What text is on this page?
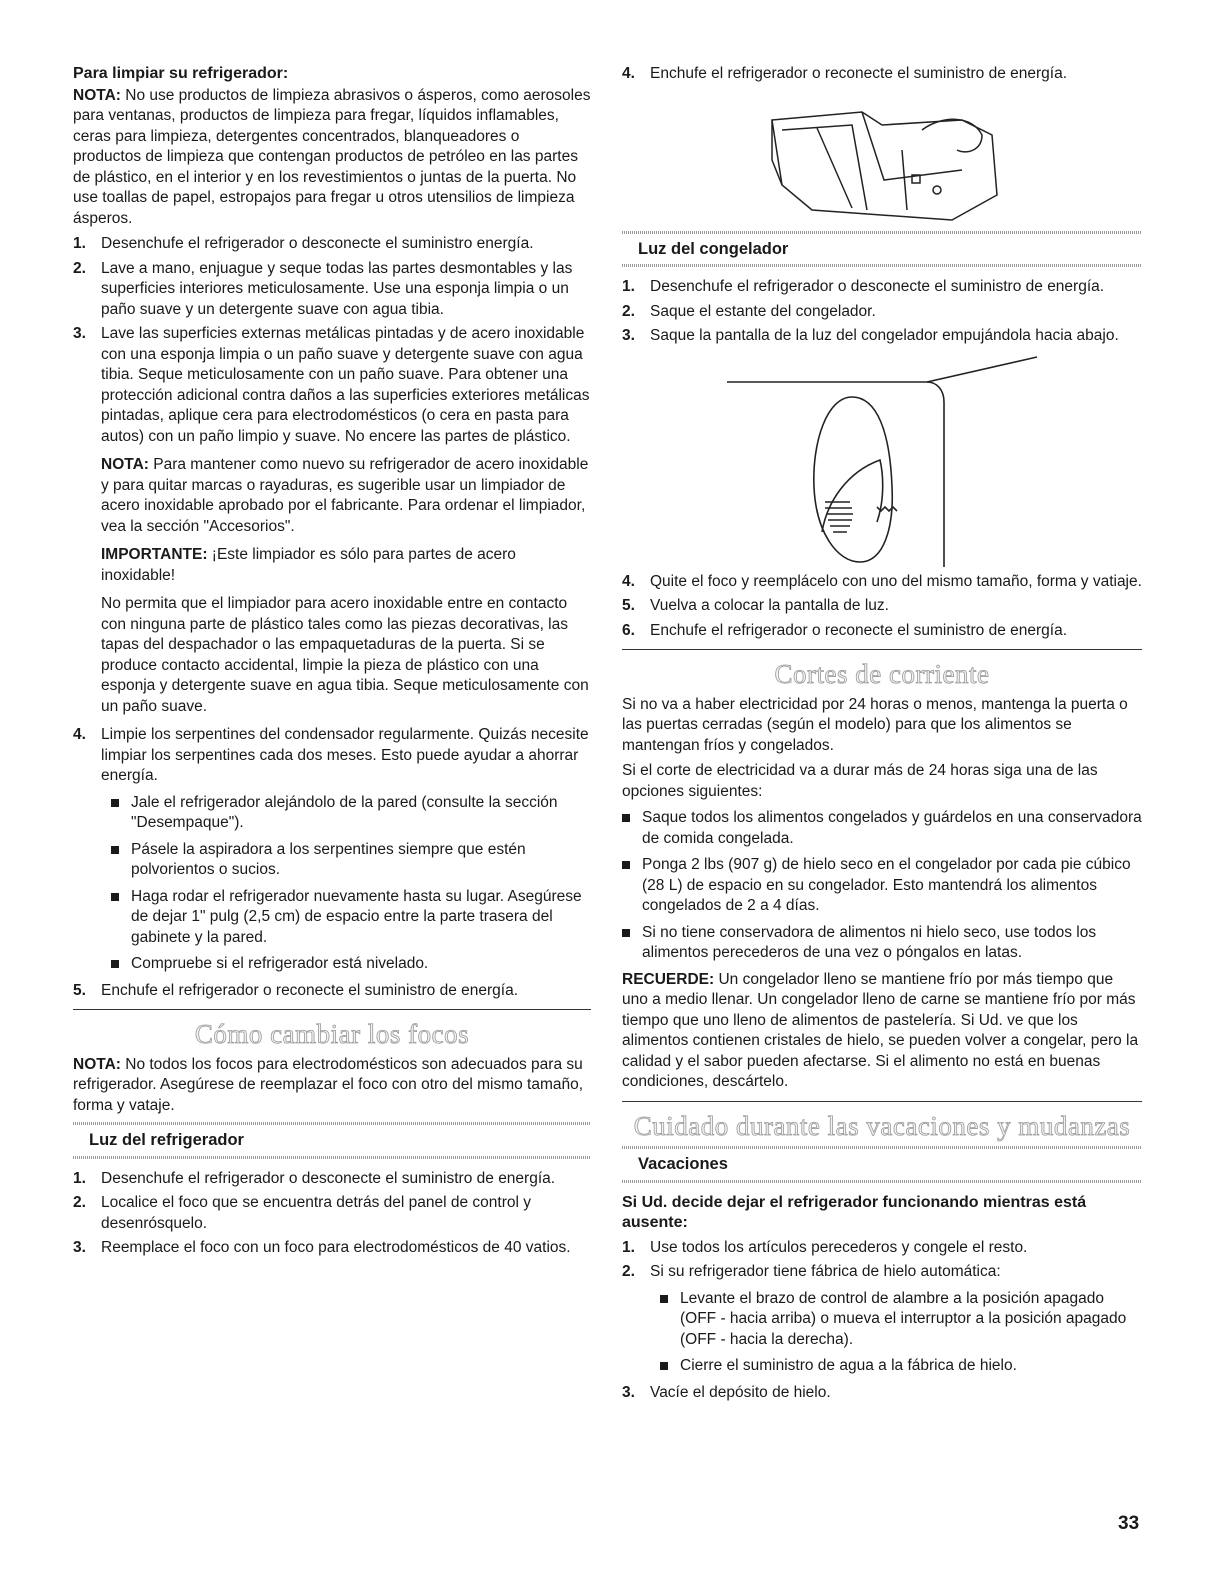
Para limpiar su refrigerador:

NOTA: No use productos de limpieza abrasivos o ásperos, como aerosoles para ventanas, productos de limpieza para fregar, líquidos inflamables, ceras para limpieza, detergentes concentrados, blanqueadores o productos de limpieza que contengan productos de petróleo en las partes de plástico, en el interior y en los revestimientos o juntas de la puerta. No use toallas de papel, estropajos para fregar u otros utensilios de limpieza ásperos.

1. Desenchufe el refrigerador o desconecte el suministro energía.
2. Lave a mano, enjuague y seque todas las partes desmontables y las superficies interiores meticulosamente. Use una esponja limpia o un paño suave y un detergente suave con agua tibia.
3. Lave las superficies externas metálicas pintadas y de acero inoxidable con una esponja limpia o un paño suave y detergente suave con agua tibia. Seque meticulosamente con un paño suave. Para obtener una protección adicional contra daños a las superficies exteriores metálicas pintadas, aplique cera para electrodomésticos (o cera en pasta para autos) con un paño limpio y suave. No encere las partes de plástico.

NOTA: Para mantener como nuevo su refrigerador de acero inoxidable y para quitar marcas o rayaduras, es sugerible usar un limpiador de acero inoxidable aprobado por el fabricante. Para ordenar el limpiador, vea la sección "Accesorios".

IMPORTANTE: ¡Este limpiador es sólo para partes de acero inoxidable!

No permita que el limpiador para acero inoxidable entre en contacto con ninguna parte de plástico tales como las piezas decorativas, las tapas del despachador o las empaquetaduras de la puerta. Si se produce contacto accidental, limpie la pieza de plástico con una esponja y detergente suave en agua tibia. Seque meticulosamente con un paño suave.

4. Limpie los serpentines del condensador regularmente. Quizás necesite limpiar los serpentines cada dos meses. Esto puede ayudar a ahorrar energía.
Jale el refrigerador alejándolo de la pared (consulte la sección "Desempaque").
Pásele la aspiradora a los serpentines siempre que estén polvorientos o sucios.
Haga rodar el refrigerador nuevamente hasta su lugar. Asegúrese de dejar 1" pulg (2,5 cm) de espacio entre la parte trasera del gabinete y la pared.
Compruebe si el refrigerador está nivelado.
5. Enchufe el refrigerador o reconecte el suministro de energía.
Cómo cambiar los focos

NOTA: No todos los focos para electrodomésticos son adecuados para su refrigerador. Asegúrese de reemplazar el foco con otro del mismo tamaño, forma y vataje.

Luz del refrigerador
1. Desenchufe el refrigerador o desconecte el suministro de energía.
2. Localice el foco que se encuentra detrás del panel de control y desenrósquelo.
3. Reemplace el foco con un foco para electrodomésticos de 40 vatios.
4. Enchufe el refrigerador o reconecte el suministro de energía.
Luz del congelador
1. Desenchufe el refrigerador o desconecte el suministro de energía.
2. Saque el estante del congelador.
3. Saque la pantalla de la luz del congelador empujándola hacia abajo.
4. Quite el foco y reemplácelo con uno del mismo tamaño, forma y vatiaje.
5. Vuelva a colocar la pantalla de luz.
6. Enchufe el refrigerador o reconecte el suministro de energía.
Cortes de corriente

Si no va a haber electricidad por 24 horas o menos, mantenga la puerta o las puertas cerradas (según el modelo) para que los alimentos se mantengan fríos y congelados.

Si el corte de electricidad va a durar más de 24 horas siga una de las opciones siguientes:

Saque todos los alimentos congelados y guárdelos en una conservadora de comida congelada.
Ponga 2 lbs (907 g) de hielo seco en el congelador por cada pie cúbico (28 L) de espacio en su congelador. Esto mantendrá los alimentos congelados de 2 a 4 días.
Si no tiene conservadora de alimentos ni hielo seco, use todos los alimentos perecederos de una vez o póngalos en latas.

RECUERDE: Un congelador lleno se mantiene frío por más tiempo que uno a medio llenar. Un congelador lleno de carne se mantiene frío por más tiempo que uno lleno de alimentos de pastelería. Si Ud. ve que los alimentos contienen cristales de hielo, se pueden volver a congelar, pero la calidad y el sabor pueden afectarse. Si el alimento no está en buenas condiciones, descártelo.

Cuidado durante las vacaciones y mudanzas
Vacaciones
Si Ud. decide dejar el refrigerador funcionando mientras está ausente:
1. Use todos los artículos perecederos y congele el resto.
2. Si su refrigerador tiene fábrica de hielo automática:
Levante el brazo de control de alambre a la posición apagado (OFF - hacia arriba) o mueva el interruptor a la posición apagado (OFF - hacia la derecha).
Cierre el suministro de agua a la fábrica de hielo.
3. Vacíe el depósito de hielo.
33
